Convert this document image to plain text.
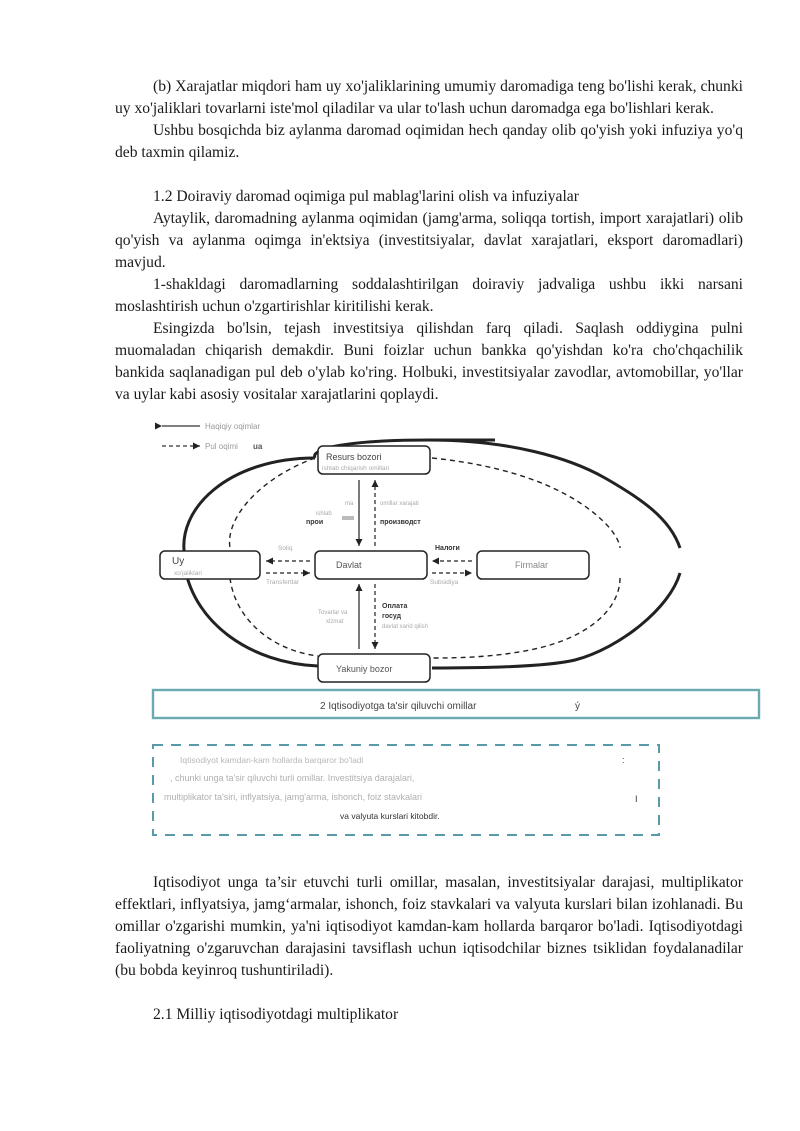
(b) Xarajatlar miqdori ham uy xo'jaliklarining umumiy daromadiga teng bo'lishi kerak, chunki uy xo'jaliklari tovarlarni iste'mol qiladilar va ular to'lash uchun daromadga ega bo'lishlari kerak.

Ushbu bosqichda biz aylanma daromad oqimidan hech qanday olib qo'yish yoki infuziya yo'q deb taxmin qilamiz.

1.2 Doiraviy daromad oqimiga pul mablag'larini olish va infuziyalar

Aytaylik, daromadning aylanma oqimidan (jamg'arma, soliqqa tortish, import xarajatlari) olib qo'yish va aylanma oqimga in'ektsiya (investitsiyalar, davlat xarajatlari, eksport daromadlari) mavjud.

1-shakldagi daromadlarning soddalashtirilgan doiraviy jadvaliga ushbu ikki narsani moslashtirish uchun o'zgartirishlar kiritilishi kerak.

Esingizda bo'lsin, tejash investitsiya qilishdan farq qiladi. Saqlash oddiygina pulni muomaladan chiqarish demakdir. Buni foizlar uchun bankka qo'yishdan ko'ra cho'chqachilik bankida saqlanadigan pul deb o'ylab ko'ring. Holbuki, investitsiyalar zavodlar, avtomobillar, yo'llar va uylar kabi asosiy vositalar xarajatlarini qoplaydi.

Haqiqiy oqimlar
Pul oqimi ua
Resurs bozori
ishlab chiqarish omillari
Uy
xo'jaliklari
Davlat	Firmalar
Yakuniy bozor
ma
ishlab
npoи
omillar xarajati
производст
Soliq
Transfertlar
Налоги
Subsidiya
Tovarlar va
xizmat
Оплата
госуд
davlat xarid qilish
2 Iqtisodiyotga ta'sir qiluvchi omillar	ý
Iqtisodiyot kamdan-kam hollarda barqaror bo'ladi
, chunki unga ta'sir qiluvchi turli omillar. Investitsiya darajalari,
multiplikator ta'siri, inflyatsiya, jamg'arma, ishonch, foiz stavkalari
va valyuta kurslari kitobdir.
:
I

Iqtisodiyot unga ta’sir etuvchi turli omillar, masalan, investitsiyalar darajasi, multiplikator effektlari, inflyatsiya, jamg‘armalar, ishonch, foiz stavkalari va valyuta kurslari bilan izohlanadi. Bu omillar o'zgarishi mumkin, ya'ni iqtisodiyot kamdan-kam hollarda barqaror bo'ladi. Iqtisodiyotdagi faoliyatning o'zgaruvchan darajasini tavsiflash uchun iqtisodchilar biznes tsiklidan foydalanadilar (bu bobda keyinroq tushuntiriladi).

2.1 Milliy iqtisodiyotdagi multiplikator
